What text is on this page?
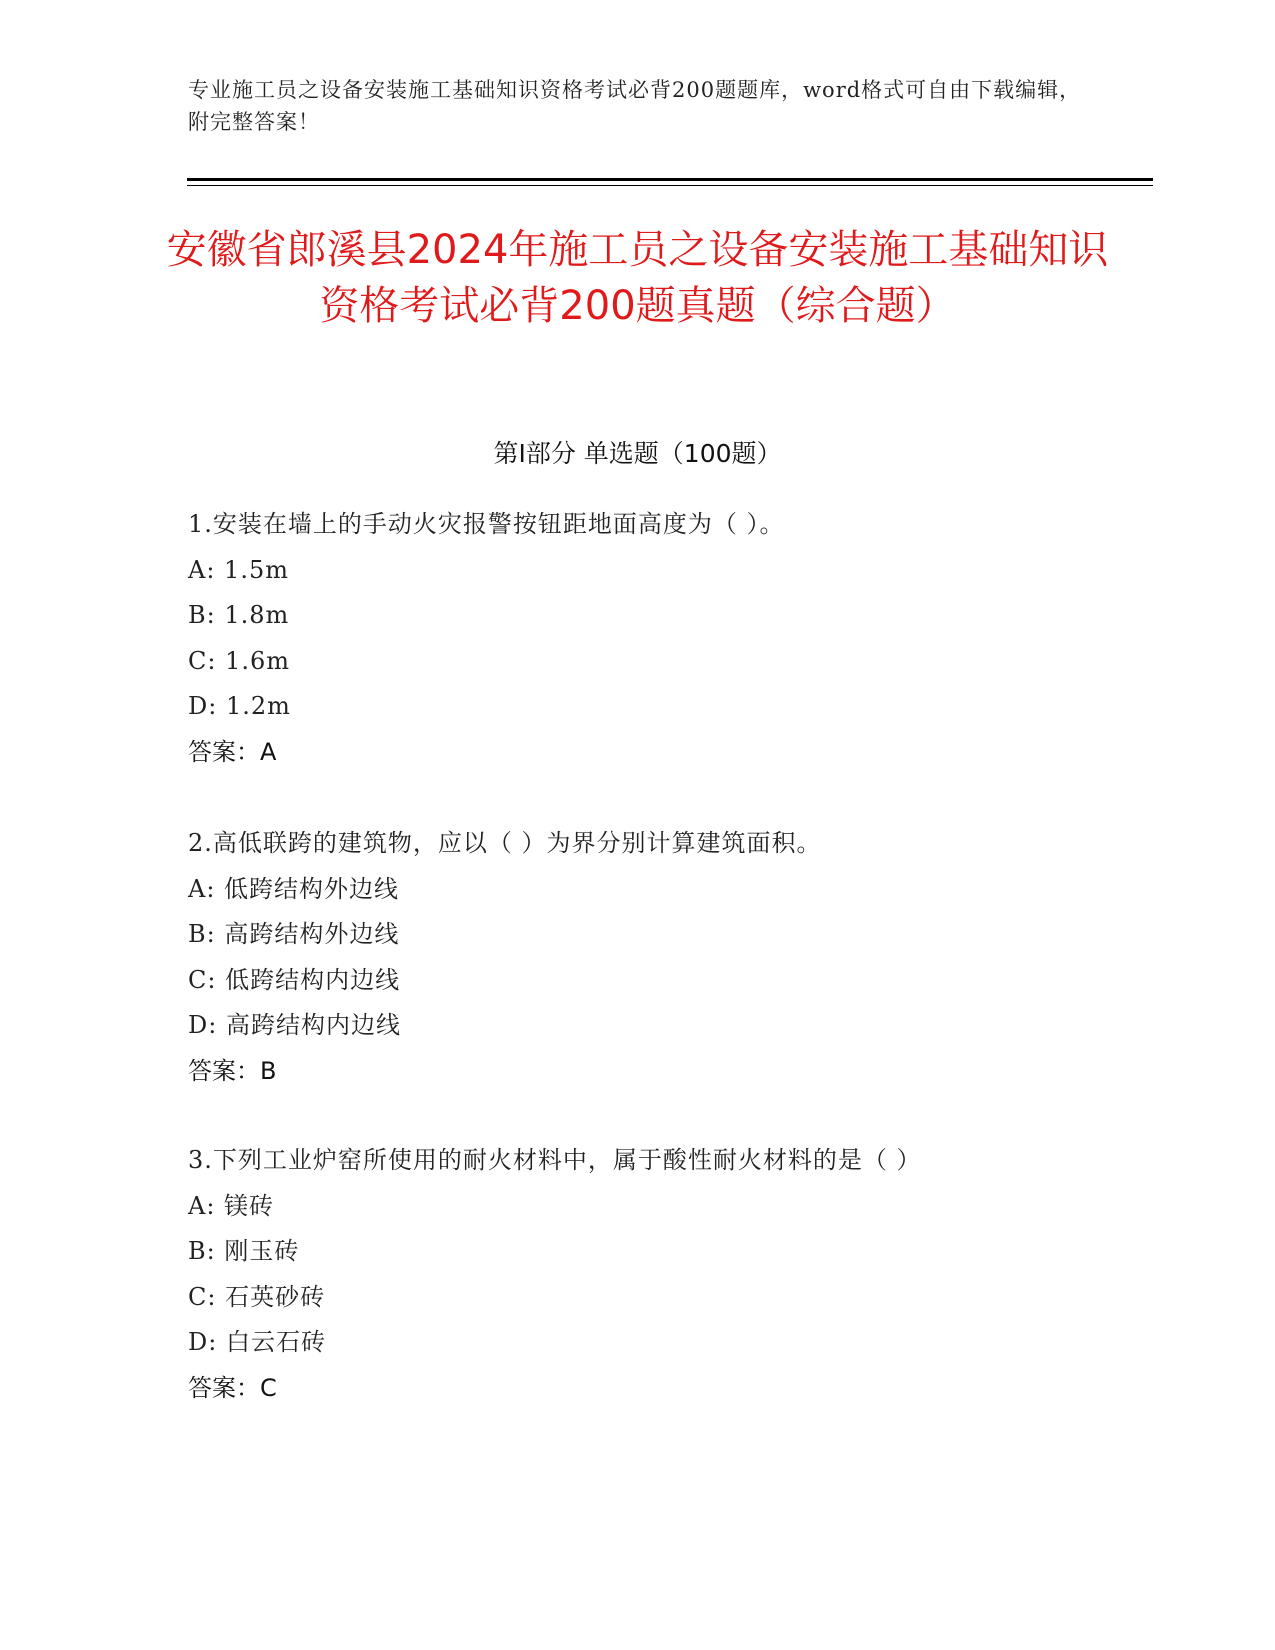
专业施工员之设备安装施工基础知识资格考试必背200题题库，word格式可自由下载编辑，附完整答案！
安徽省郎溪县2024年施工员之设备安装施工基础知识资格考试必背200题真题（综合题）
第Ⅰ部分 单选题（100题）
1.安装在墙上的手动火灾报警按钮距地面高度为（ ）。
A: 1.5m
B: 1.8m
C: 1.6m
D: 1.2m
答案：A
2.高低联跨的建筑物，应以（ ）为界分别计算建筑面积。
A: 低跨结构外边线
B: 高跨结构外边线
C: 低跨结构内边线
D: 高跨结构内边线
答案：B
3.下列工业炉窑所使用的耐火材料中，属于酸性耐火材料的是（ ）
A: 镁砖
B: 刚玉砖
C: 石英砂砖
D: 白云石砖
答案：C
